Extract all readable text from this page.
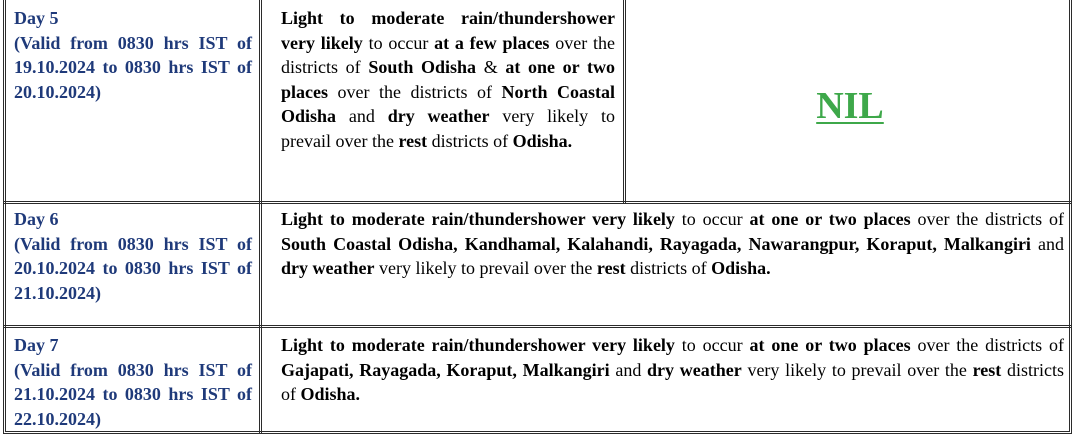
Day 5
(Valid from 0830 hrs IST of 19.10.2024 to 0830 hrs IST of 20.10.2024)
Light to moderate rain/thundershower very likely to occur at a few places over the districts of South Odisha & at one or two places over the districts of North Coastal Odisha and dry weather very likely to prevail over the rest districts of Odisha.
NIL
Day 6
(Valid from 0830 hrs IST of 20.10.2024 to 0830 hrs IST of 21.10.2024)
Light to moderate rain/thundershower very likely to occur at one or two places over the districts of South Coastal Odisha, Kandhamal, Kalahandi, Rayagada, Nawarangpur, Koraput, Malkangiri and dry weather very likely to prevail over the rest districts of Odisha.
Day 7
(Valid from 0830 hrs IST of 21.10.2024 to 0830 hrs IST of 22.10.2024)
Light to moderate rain/thundershower very likely to occur at one or two places over the districts of Gajapati, Rayagada, Koraput, Malkangiri and dry weather very likely to prevail over the rest districts of Odisha.
